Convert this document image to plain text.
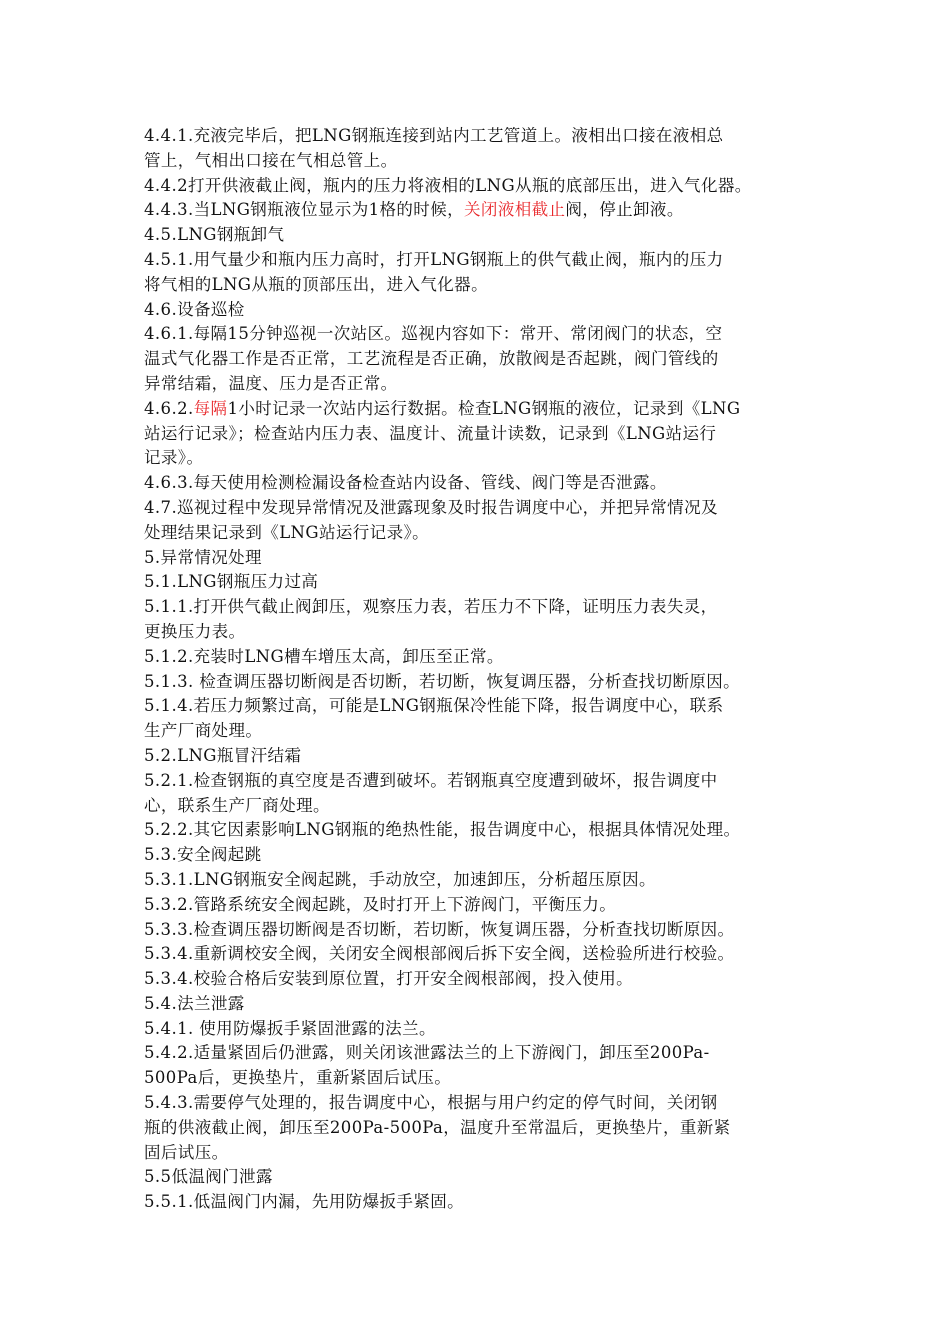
4.4.1.充液完毕后，把LNG钢瓶连接到站内工艺管道上。液相出口接在液相总
管上，气相出口接在气相总管上。
4.4.2打开供液截止阀，瓶内的压力将液相的LNG从瓶的底部压出，进入气化器。
4.4.3.当LNG钢瓶液位显示为1格的时候，关闭液相截止阀，停止卸液。
4.5.LNG钢瓶卸气
4.5.1.用气量少和瓶内压力高时，打开LNG钢瓶上的供气截止阀，瓶内的压力
将气相的LNG从瓶的顶部压出，进入气化器。
4.6.设备巡检
4.6.1.每隔15分钟巡视一次站区。巡视内容如下：常开、常闭阀门的状态，空
温式气化器工作是否正常，工艺流程是否正确，放散阀是否起跳，阀门管线的
异常结霜，温度、压力是否正常。
4.6.2.每隔1小时记录一次站内运行数据。检查LNG钢瓶的液位，记录到《LNG
站运行记录》；检查站内压力表、温度计、流量计读数，记录到《LNG站运行
记录》。
4.6.3.每天使用检测检漏设备检查站内设备、管线、阀门等是否泄露。
4.7.巡视过程中发现异常情况及泄露现象及时报告调度中心，并把异常情况及
处理结果记录到《LNG站运行记录》。
5.异常情况处理
5.1.LNG钢瓶压力过高
5.1.1.打开供气截止阀卸压，观察压力表，若压力不下降，证明压力表失灵，
更换压力表。
5.1.2.充装时LNG槽车增压太高，卸压至正常。
5.1.3. 检查调压器切断阀是否切断，若切断，恢复调压器，分析查找切断原因。
5.1.4.若压力频繁过高，可能是LNG钢瓶保冷性能下降，报告调度中心，联系
生产厂商处理。
5.2.LNG瓶冒汗结霜
5.2.1.检查钢瓶的真空度是否遭到破坏。若钢瓶真空度遭到破坏，报告调度中
心，联系生产厂商处理。
5.2.2.其它因素影响LNG钢瓶的绝热性能，报告调度中心，根据具体情况处理。
5.3.安全阀起跳
5.3.1.LNG钢瓶安全阀起跳，手动放空，加速卸压，分析超压原因。
5.3.2.管路系统安全阀起跳，及时打开上下游阀门，平衡压力。
5.3.3.检查调压器切断阀是否切断，若切断，恢复调压器，分析查找切断原因。
5.3.4.重新调校安全阀，关闭安全阀根部阀后拆下安全阀，送检验所进行校验。
5.3.4.校验合格后安装到原位置，打开安全阀根部阀，投入使用。
5.4.法兰泄露
5.4.1. 使用防爆扳手紧固泄露的法兰。
5.4.2.适量紧固后仍泄露，则关闭该泄露法兰的上下游阀门，卸压至200Pa-
500Pa后，更换垫片，重新紧固后试压。
5.4.3.需要停气处理的，报告调度中心，根据与用户约定的停气时间，关闭钢
瓶的供液截止阀，卸压至200Pa-500Pa，温度升至常温后，更换垫片，重新紧
固后试压。
5.5低温阀门泄露
5.5.1.低温阀门内漏，先用防爆扳手紧固。
